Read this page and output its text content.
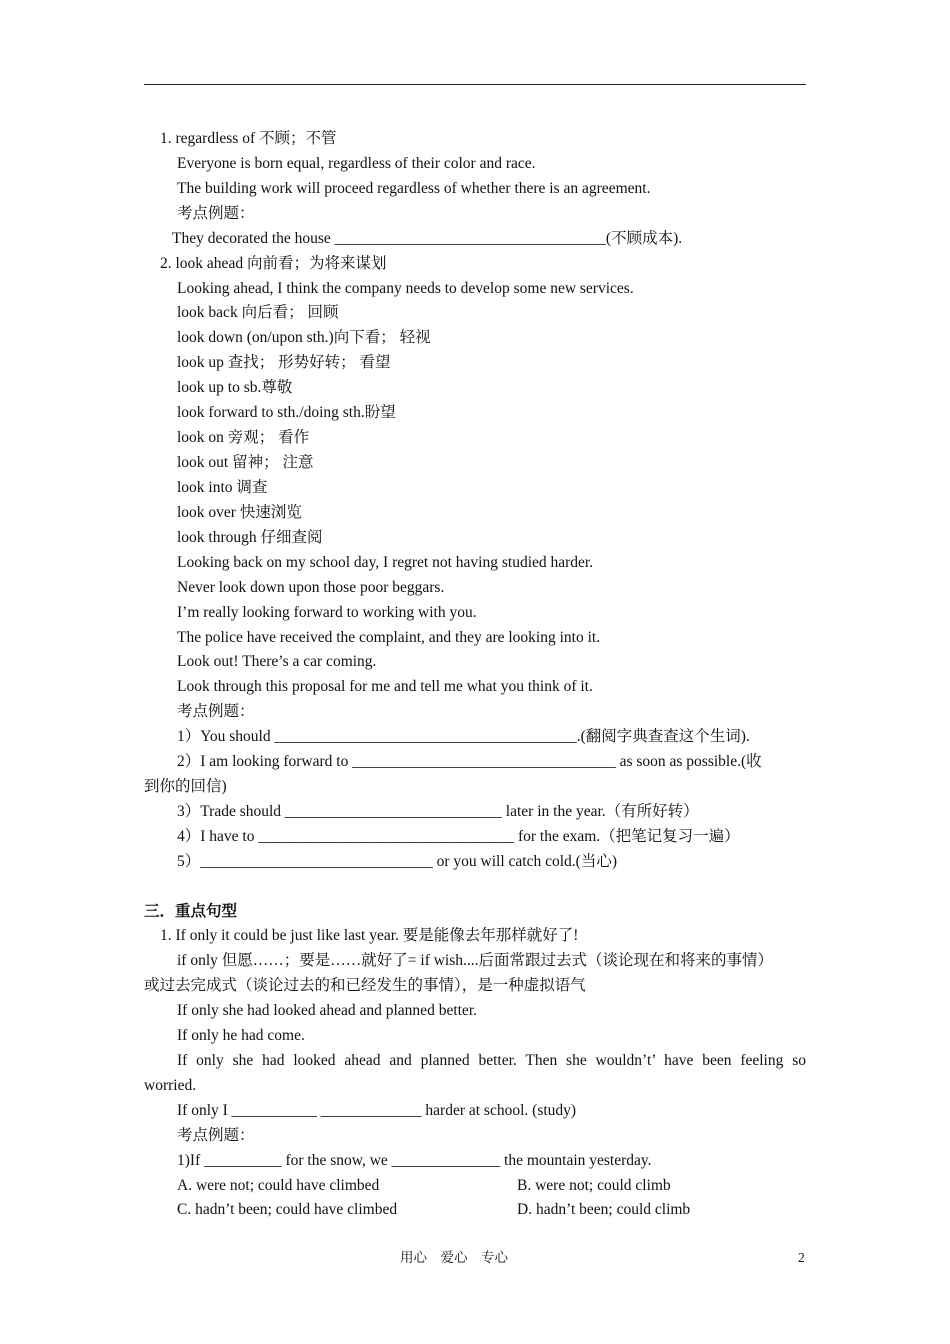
1. regardless of 不顾；不管
Everyone is born equal, regardless of their color and race.
The building work will proceed regardless of whether there is an agreement.
考点例题：
They decorated the house ___________________________________(不顾成本).
2. look ahead 向前看；为将来谋划
Looking ahead, I think the company needs to develop some new services.
look back 向后看； 回顾
look down (on/upon sth.)向下看； 轻视
look up 查找； 形势好转； 看望
look up to sb.尊敬
look forward to sth./doing sth.盼望
look on 旁观； 看作
look out 留神； 注意
look into 调查
look over 快速浏览
look through 仔细查阅
Looking back on my school day, I regret not having studied harder.
Never look down upon those poor beggars.
I’m really looking forward to working with you.
The police have received the complaint, and they are looking into it.
Look out! There’s a car coming.
Look through this proposal for me and tell me what you think of it.
考点例题：
1）You should _______________________________________.(翻阅字典查查这个生词).
2）I am looking forward to __________________________________ as soon as possible.(收
到你的回信)
3）Trade should ____________________________ later in the year.（有所好转）
4）I have to _________________________________ for the exam.（把笔记复习一遍）
5）______________________________ or you will catch cold.(当心)
三．重点句型
1. If only it could be just like last year. 要是能像去年那样就好了!
if only 但愿……；要是……就好了= if wish....后面常跟过去式（谈论现在和将来的事情）
或过去完成式（谈论过去的和已经发生的事情），是一种虚拟语气
If only she had looked ahead and planned better.
If only he had come.
If only she had looked ahead and planned better. Then she wouldn’t’ have been feeling so
worried.
If only I ___________ _____________ harder at school. (study)
考点例题：
1)If __________ for the snow, we ______________ the mountain yesterday.
A. were not; could have climbed	B. were not; could climb
C. hadn’t been; could have climbed	D. hadn’t been; could climb
用心    爱心    专心	2
